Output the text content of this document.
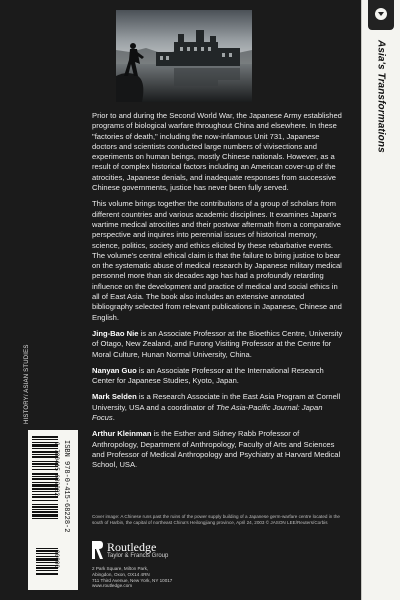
Prior to and during the Second World War, the Japanese Army established programs of biological warfare throughout China and elsewhere. In these "factories of death," including the now-infamous Unit 731, Japanese doctors and scientists conducted large numbers of vivisections and experiments on human beings, mostly Chinese nationals. However, as a result of complex historical factors including an American cover-up of the atrocities, Japanese denials, and inadequate responses from successive Chinese governments, justice has never been fully served.

This volume brings together the contributions of a group of scholars from different countries and various academic disciplines. It examines Japan's wartime medical atrocities and their postwar aftermath from a comparative perspective and inquires into perennial issues of historical memory, science, politics, society and ethics elicited by these rebarbative events. The volume's central ethical claim is that the failure to bring justice to bear on the systematic abuse of medical research by Japanese military medical personnel more than six decades ago has had a profoundly retarding influence on the development and practice of medical and social ethics in all of East Asia. The book also includes an extensive annotated bibliography selected from relevant publications in Japanese, Chinese and English.

Jing-Bao Nie is an Associate Professor at the Bioethics Centre, University of Otago, New Zealand, and Furong Visiting Professor at the Centre for Moral Culture, Hunan Normal University, China.

Nanyan Guo is an Associate Professor at the International Research Center for Japanese Studies, Kyoto, Japan.

Mark Selden is a Research Associate in the East Asia Program at Cornell University, USA and a coordinator of The Asia-Pacific Journal: Japan Focus.

Arthur Kleinman is the Esther and Sidney Rabb Professor of Anthropology, Department of Anthropology, Faculty of Arts and Sciences and Professor of Medical Anthropology and Psychiatry at Harvard Medical School, USA.

Cover image: A Chinese runs past the ruins of the power supply building of a Japanese germ-warfare centre located in the south of Harbin, the capital of northeast China's Heilongjiang province, April 24, 2003 © JASON LEE/Reuters/Corbis
Routledge
Taylor & Francis Group
2 Park Square, Milton Park,
Abingdon, Oxon, OX14 4RN
711 Third Avenue, New York, NY 10017
www.routledge.com
HISTORY/ ASIAN STUDIES
ISBN 978-0-415-68228-2
9 780415 682282
90000
Asia's Transformations
